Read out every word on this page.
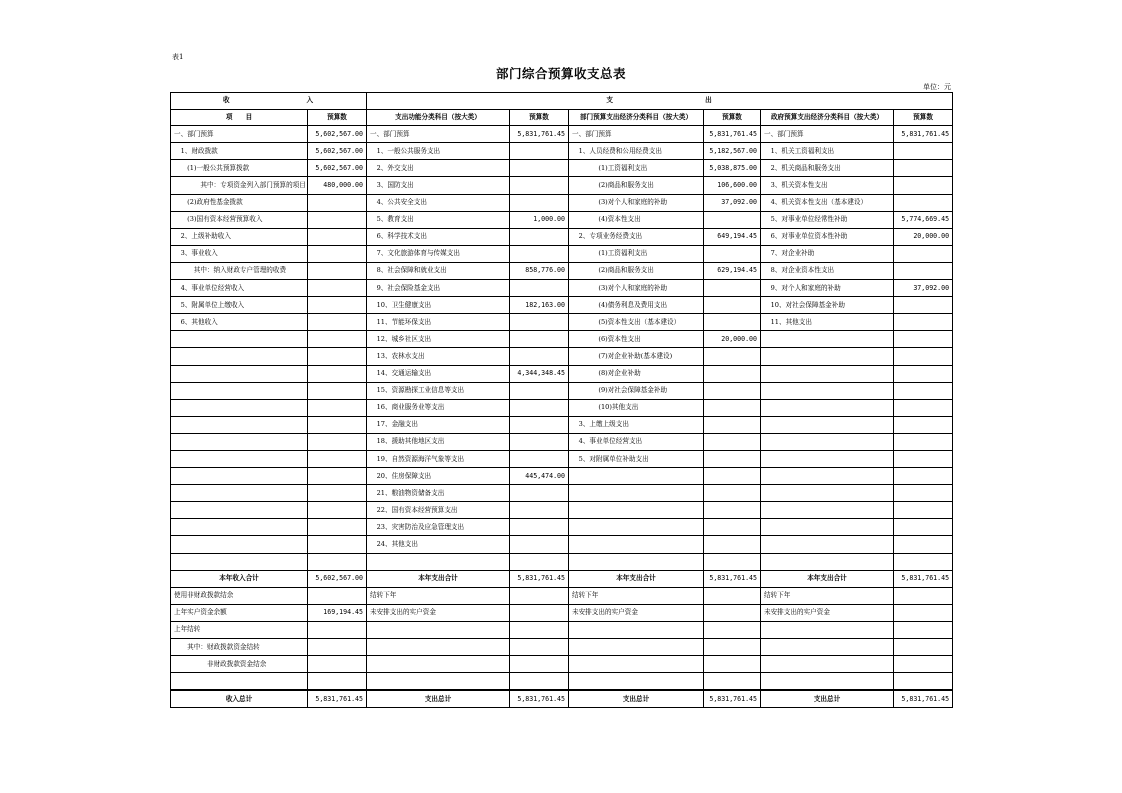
表1
部门综合预算收支总表
单位：元
收           入		支             出					
项　　目	预算数	支出功能分类科目（按大类）	预算数	部门预算支出经济分类科目（按大类）	预算数	政府预算支出经济分类科目（按大类）	预算数
一、部门预算	5,602,567.00	一、部门预算	5,831,761.45	一、部门预算	5,831,761.45	一、部门预算	5,831,761.45
　1、财政拨款	5,602,567.00	　1、一般公共服务支出		　1、人员经费和公用经费支出	5,182,567.00	　1、机关工资福利支出	
　　(1)一般公共预算拨款	5,602,567.00	　2、外交支出		　　　　(1)工资福利支出	5,038,875.00	　2、机关商品和服务支出	
　　　　其中：专项资金列入部门预算的项目	480,000.00	　3、国防支出		　　　　(2)商品和服务支出	106,600.00	　3、机关资本性支出	
　　(2)政府性基金拨款		　4、公共安全支出		　　　　(3)对个人和家庭的补助	37,092.00	　4、机关资本性支出（基本建设）	
　　(3)国有资本经营预算收入		　5、教育支出	1,000.00	　　　　(4)资本性支出		　5、对事业单位经常性补助	5,774,669.45
　2、上级补助收入		　6、科学技术支出		　2、专项业务经费支出	649,194.45	　6、对事业单位资本性补助	20,000.00
　3、事业收入		　7、文化旅游体育与传媒支出		　　　　(1)工资福利支出		　7、对企业补助	
　　　其中：纳入财政专户管理的收费		　8、社会保障和就业支出	858,776.00	　　　　(2)商品和服务支出	629,194.45	　8、对企业资本性支出	
　4、事业单位经营收入		　9、社会保险基金支出		　　　　(3)对个人和家庭的补助		　9、对个人和家庭的补助	37,092.00
　5、附属单位上缴收入		　10、卫生健康支出	182,163.00	　　　　(4)债务利息及费用支出		　10、对社会保障基金补助	
　6、其他收入		　11、节能环保支出		　　　　(5)资本性支出（基本建设）		　11、其他支出	
		　12、城乡社区支出		　　　　(6)资本性支出	20,000.00		
		　13、农林水支出		　　　　(7)对企业补助(基本建设)			
		　14、交通运输支出	4,344,348.45	　　　　(8)对企业补助			
		　15、资源勘探工业信息等支出		　　　　(9)对社会保障基金补助			
		　16、商业服务业等支出		　　　　(10)其他支出			
		　17、金融支出		　3、上缴上级支出			
		　18、援助其他地区支出		　4、事业单位经营支出			
		　19、自然资源海洋气象等支出		　5、对附属单位补助支出			
		　20、住房保障支出	445,474.00				
		　21、粮油物资储备支出					
		　22、国有资本经营预算支出					
		　23、灾害防治及应急管理支出					
		　24、其他支出					

本年收入合计	5,602,567.00	本年支出合计	5,831,761.45	本年支出合计	5,831,761.45	本年支出合计	5,831,761.45
使用非财政拨款结余		结转下年		结转下年		结转下年	
上年实户资金余额	169,194.45	未安排支出的实户资金		未安排支出的实户资金		未安排支出的实户资金	
上年结转							
　　其中：财政拨款资金结转							
　　　　　非财政拨款资金结余							

收入总计	5,831,761.45	支出总计	5,831,761.45	支出总计	5,831,761.45	支出总计	5,831,761.45
